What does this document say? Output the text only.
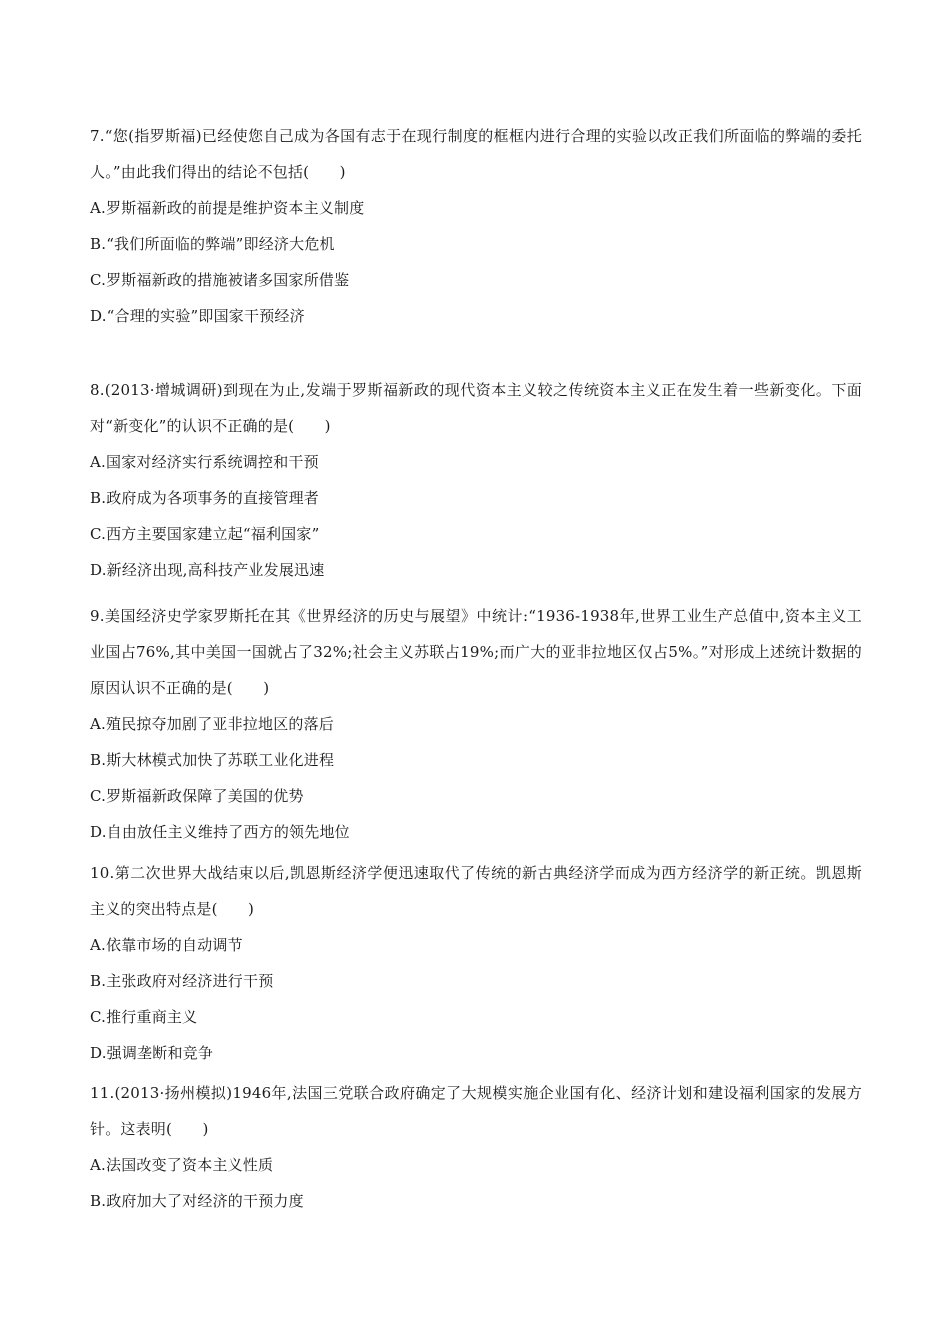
7.“您(指罗斯福)已经使您自己成为各国有志于在现行制度的框框内进行合理的实验以改正我们所面临的弊端的委托人。”由此我们得出的结论不包括(　　)

A.罗斯福新政的前提是维护资本主义制度

B.“我们所面临的弊端”即经济大危机

C.罗斯福新政的措施被诸多国家所借鉴

D.“合理的实验”即国家干预经济

8.(2013·增城调研)到现在为止,发端于罗斯福新政的现代资本主义较之传统资本主义正在发生着一些新变化。下面对“新变化”的认识不正确的是(　　)

A.国家对经济实行系统调控和干预

B.政府成为各项事务的直接管理者

C.西方主要国家建立起“福利国家”

D.新经济出现,高科技产业发展迅速

9.美国经济史学家罗斯托在其《世界经济的历史与展望》中统计:“1936-1938年,世界工业生产总值中,资本主义工业国占76%,其中美国一国就占了32%;社会主义苏联占19%;而广大的亚非拉地区仅占5%。”对形成上述统计数据的原因认识不正确的是(　　)

A.殖民掠夺加剧了亚非拉地区的落后

B.斯大林模式加快了苏联工业化进程

C.罗斯福新政保障了美国的优势

D.自由放任主义维持了西方的领先地位

10.第二次世界大战结束以后,凯恩斯经济学便迅速取代了传统的新古典经济学而成为西方经济学的新正统。凯恩斯主义的突出特点是(　　)

A.依靠市场的自动调节

B.主张政府对经济进行干预

C.推行重商主义

D.强调垄断和竞争

11.(2013·扬州模拟)1946年,法国三党联合政府确定了大规模实施企业国有化、经济计划和建设福利国家的发展方针。这表明(　　)

A.法国改变了资本主义性质

B.政府加大了对经济的干预力度
